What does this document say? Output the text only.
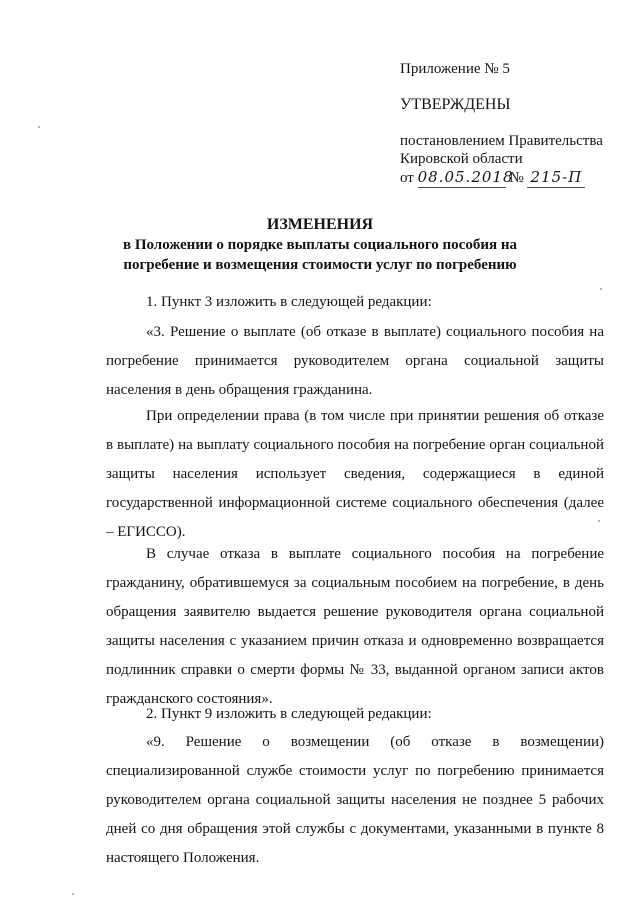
Приложение № 5
УТВЕРЖДЕНЫ
постановлением Правительства
Кировской области
от 08.05.2018 № 215-П
ИЗМЕНЕНИЯ
в Положении о порядке выплаты социального пособия на
погребение и возмещения стоимости услуг по погребению

1. Пункт 3 изложить в следующей редакции:

«3. Решение о выплате (об отказе в выплате) социального пособия на погребение принимается руководителем органа социальной защиты населения в день обращения гражданина.

При определении права (в том числе при принятии решения об отказе в выплате) на выплату социального пособия на погребение орган социальной защиты населения использует сведения, содержащиеся в единой государственной информационной системе социального обеспечения (далее – ЕГИССО).

В случае отказа в выплате социального пособия на погребение гражданину, обратившемуся за социальным пособием на погребение, в день обращения заявителю выдается решение руководителя органа социальной защиты населения с указанием причин отказа и одновременно возвращается подлинник справки о смерти формы № 33, выданной органом записи актов гражданского состояния».

2. Пункт 9 изложить в следующей редакции:

«9. Решение о возмещении (об отказе в возмещении) специализированной службе стоимости услуг по погребению принимается руководителем органа социальной защиты населения не позднее 5 рабочих дней со дня обращения этой службы с документами, указанными в пункте 8 настоящего Положения.
